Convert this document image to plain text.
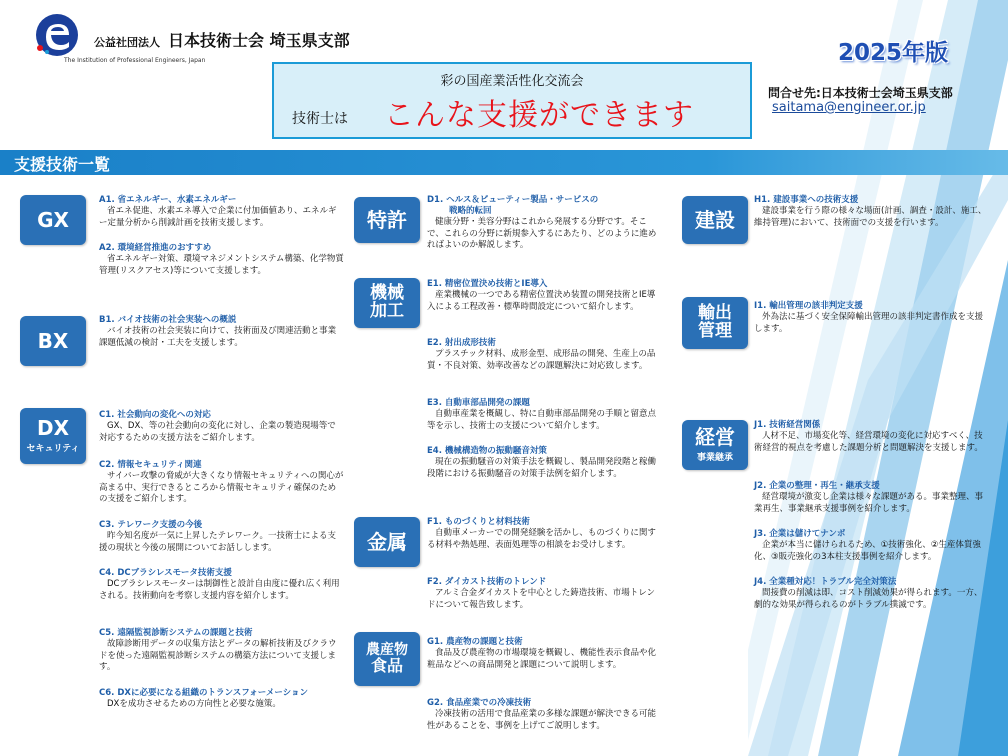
公益社団法人 日本技術士会 埼玉県支部
The Institution of Professional Engineers, Japan	2025年版
彩の国産業活性化交流会
技術士は こんな支援ができます
問合せ先:日本技術士会埼玉県支部
saitama@engineer.or.jp
支援技術一覧
GX
BX
DX
セキュリティ
特許
機械
加工
金属
農産物
食品
建設
輸出
管理
経営
事業継承
A1. 省エネルギー、水素エネルギー
省エネ促進、水素エネ導入で企業に付加価値あり、エネルギー定量分析から削減計画を技術支援します。
A2. 環境経営推進のおすすめ
省エネルギー対策、環境マネジメントシステム構築、化学物質管理(リスクアセス)等について支援します。
B1. バイオ技術の社会実装への概説
バイオ技術の社会実装に向けて、技術面及び関連活動と事業課題低減の検討・工夫を支援します。
C1. 社会動向の変化への対応
GX、DX、等の社会動向の変化に対し、企業の製造現場等で対応するための支援方法をご紹介します。
C2. 情報セキュリティ関連
サイバー攻撃の脅威が大きくなり情報セキュリティへの関心が高まる中、実行できるところから情報セキュリティ確保のための支援をご紹介します。
C3. テレワーク支援の今後
昨今知名度が一気に上昇したテレワーク。一技術士による支援の現状と今後の展開についてお話しします。
C4. DCブラシレスモータ技術支援
DCブラシレスモーターは制御性と設計自由度に優れ広く利用される。技術動向を考察し支援内容を紹介します。
C5. 遠隔監視診断システムの課題と技術
故障診断用データの収集方法とデータの解析技術及びクラウドを使った遠隔監視診断システムの構築方法について支援します。
C6. DXに必要になる組織のトランスフォーメーション
DXを成功させるための方向性と必要な施策。
D1. ヘルス＆ビューティー製品・サービスの
戦略的転回
健康分野・美容分野はこれから発展する分野です。そこで、これらの分野に新規参入するにあたり、どのように進めればよいのか解説します。
E1. 精密位置決め技術とIE導入
産業機械の一つである精密位置決め装置の開発技術とIE導入による工程改善・標準時間設定について紹介します。
E2. 射出成形技術
プラスチック材料、成形金型、成形品の開発、生産上の品質・不良対策、効率改善などの課題解決に対応致します。
E3. 自動車部品開発の課題
自動車産業を概観し、特に自動車部品開発の手順と留意点等を示し、技術士の支援について紹介します。
E4. 機械構造物の振動騒音対策
現在の振動騒音の対策手法を概観し、製品開発段階と稼働段階における振動騒音の対策手法例を紹介します。
F1. ものづくりと材料技術
自動車メーカーでの開発経験を活かし、ものづくりに関する材料や熱処理、表面処理等の相談をお受けします。
F2. ダイカスト技術のトレンド
アルミ合金ダイカストを中心とした鋳造技術、市場トレンドについて報告致します。
G1. 農産物の課題と技術
食品及び農産物の市場環境を概観し、機能性表示食品や化粧品などへの商品開発と課題について説明します。
G2. 食品産業での冷凍技術
冷凍技術の活用で食品産業の多様な課題が解決できる可能性があることを、事例を上げてご説明します。
H1. 建設事業への技術支援
建設事業を行う際の様々な場面(計画、調査・設計、施工、維持管理)において、技術面での支援を行います。
I1. 輸出管理の該非判定支援
外為法に基づく安全保障輸出管理の該非判定書作成を支援します。
J1. 技術経営関係
人材不足、市場変化等、経営環境の変化に対応すべく、技術経営的視点を考慮した課題分析と問題解決を支援します。
J2. 企業の整理・再生・継承支援
経営環境が激変し企業は様々な課題がある。事業整理、事業再生、事業継承支援事例を紹介します。
J3. 企業は儲けてナンボ
企業が本当に儲けられるため、①技術強化、②生産体質強化、③販売強化の3本柱支援事例を紹介します。
J4. 全業種対応！トラブル完全対策法
間接費の削減は即、コスト削減効果が得られます。一方、劇的な効果が得られるのがトラブル撲滅です。
